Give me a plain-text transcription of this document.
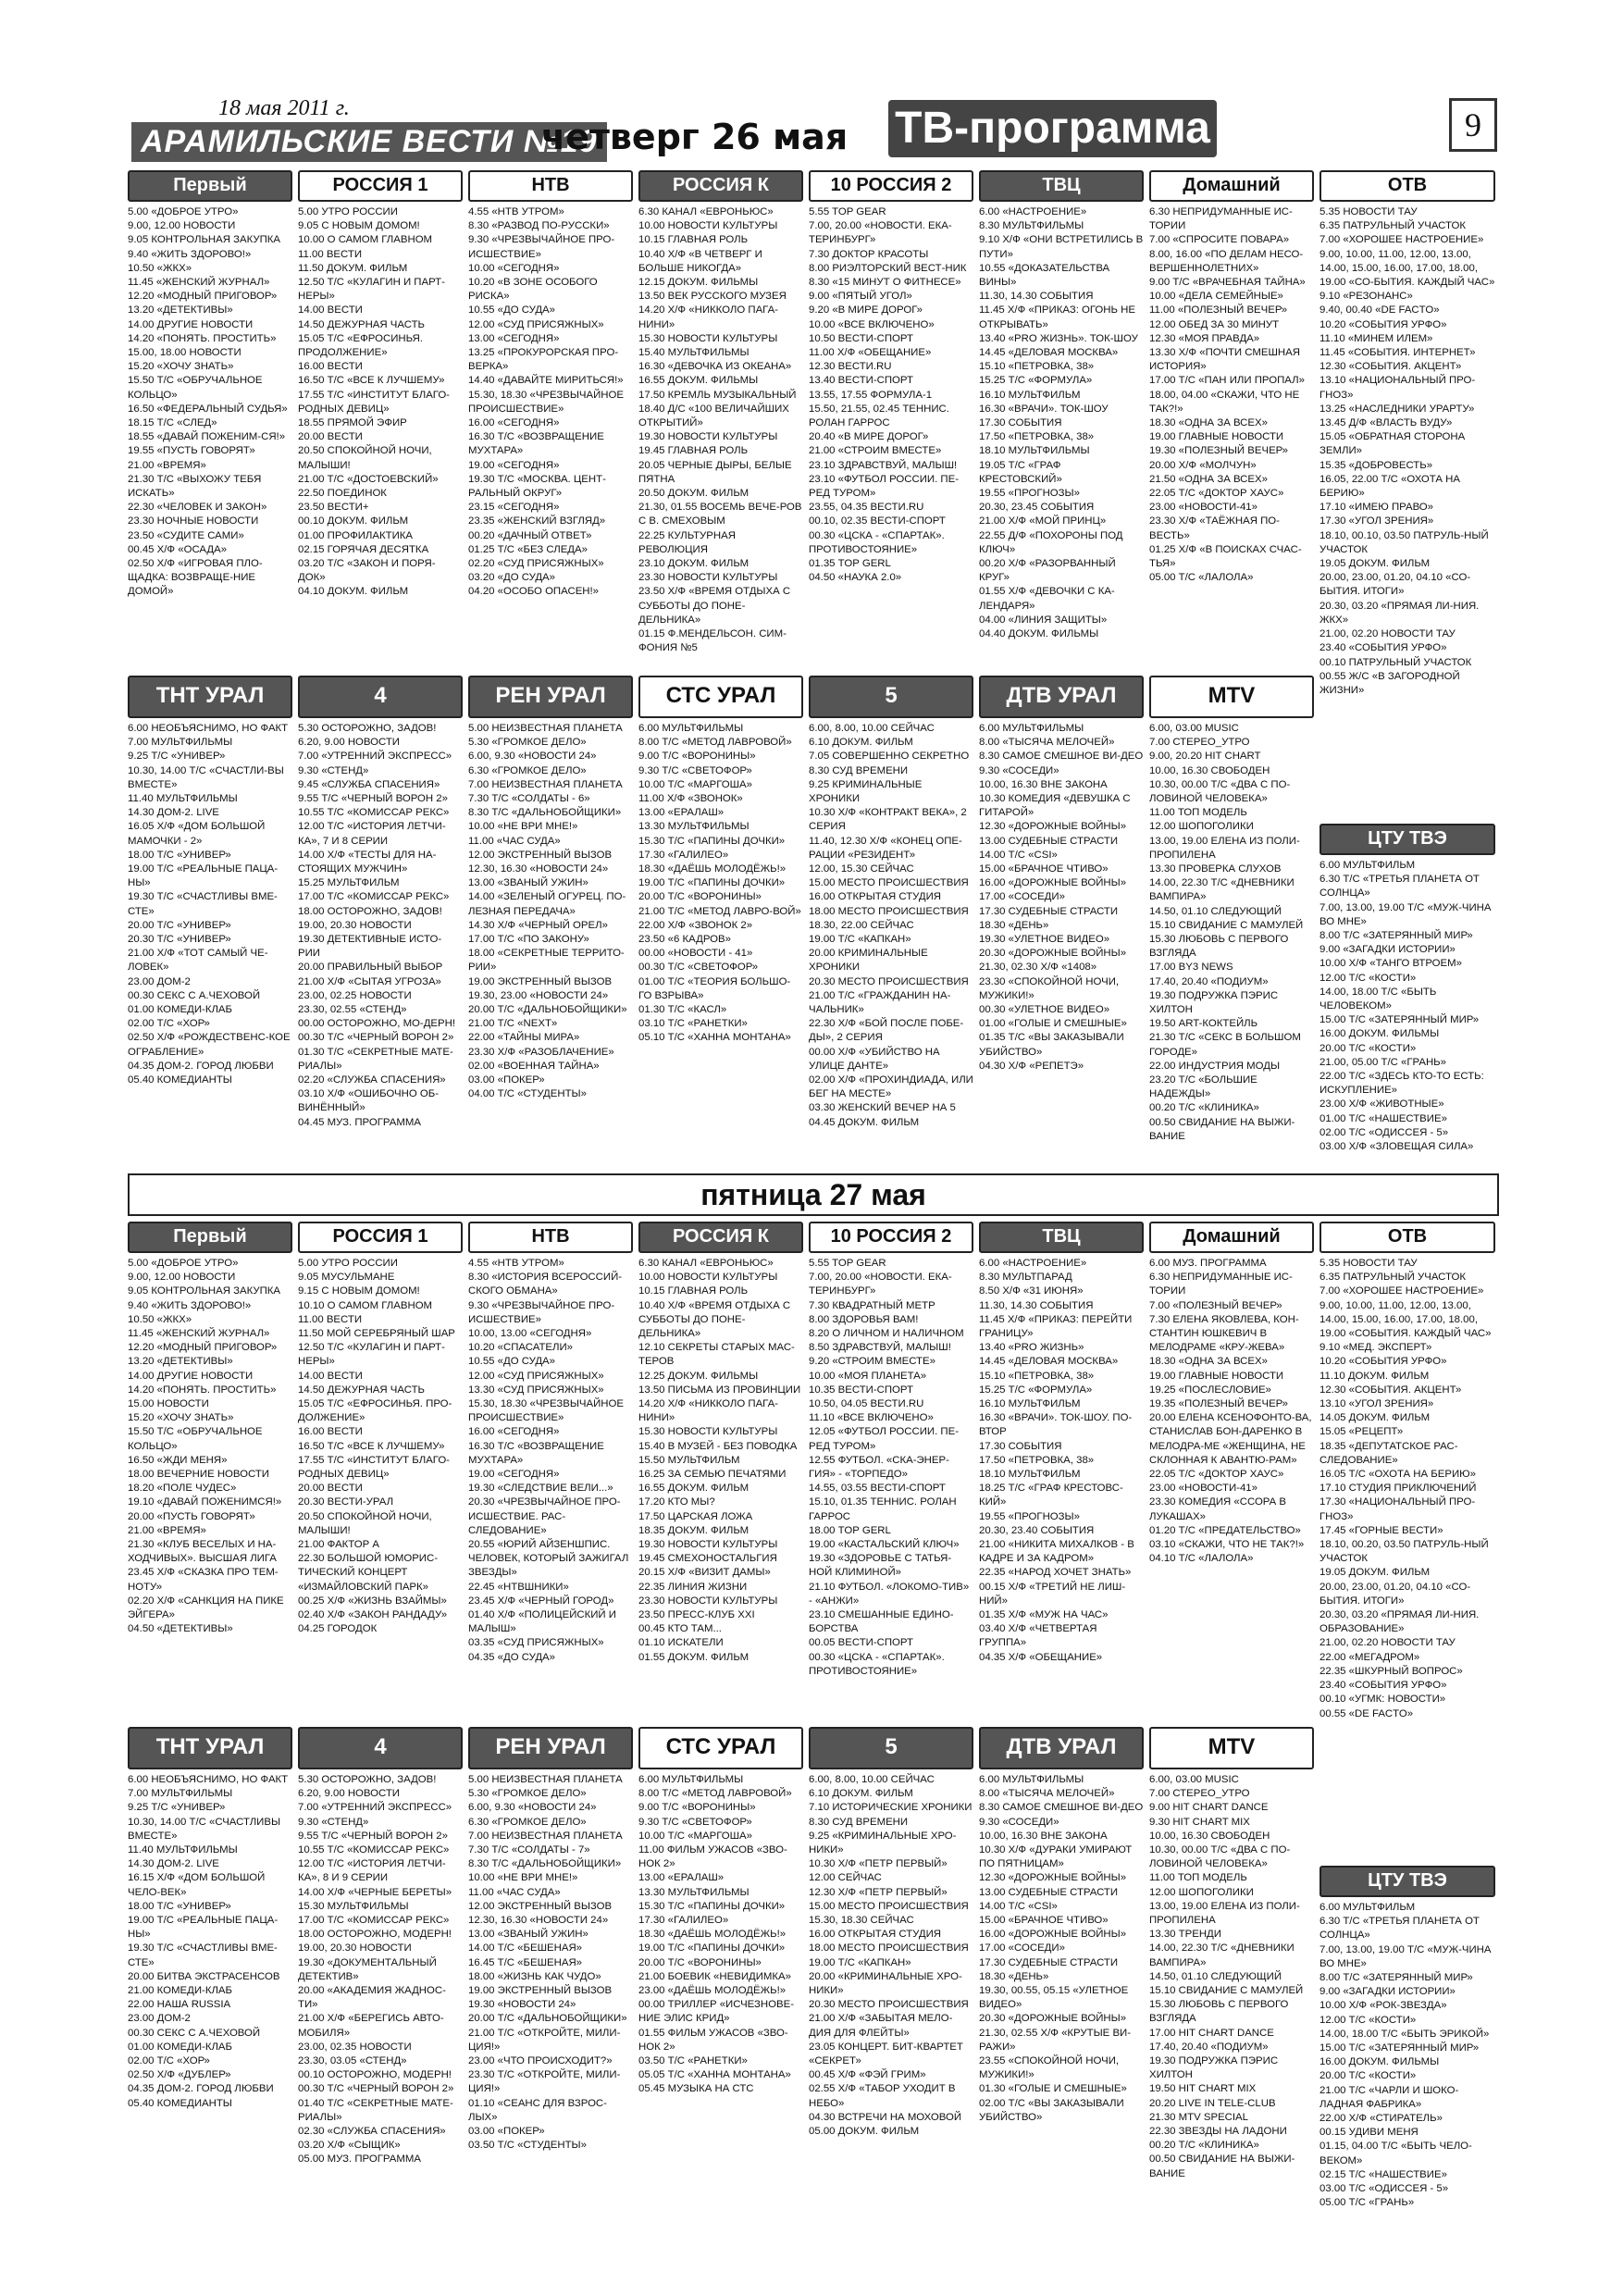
18 мая 2011 г.
АРАМИЛЬСКИЕ ВЕСТИ №19
четверг 26 мая ТВ-программа	9
пятница 27 мая
Первый
5.00 «ДОБРОЕ УТРО»
9.00, 12.00 НОВОСТИ
9.05 КОНТРОЛЬНАЯ ЗАКУПКА
9.40 «ЖИТЬ ЗДОРОВО!»
10.50 «ЖКХ»
11.45 «ЖЕНСКИЙ ЖУРНАЛ»
12.20 «МОДНЫЙ ПРИГОВОР»
13.20 «ДЕТЕКТИВЫ»
14.00 ДРУГИЕ НОВОСТИ
14.20 «ПОНЯТЬ. ПРОСТИТЬ»
15.00, 18.00 НОВОСТИ
15.20 «ХОЧУ ЗНАТЬ»
15.50 Т/С «ОБРУЧАЛЬНОЕ КОЛЬЦО»
16.50 «ФЕДЕРАЛЬНЫЙ СУДЬЯ»
18.15 Т/С «СЛЕД»
18.55 «ДАВАЙ ПОЖЕНИМ-СЯ!»
19.55 «ПУСТЬ ГОВОРЯТ»
21.00 «ВРЕМЯ»
21.30 Т/С «ВЫХОЖУ ТЕБЯ ИСКАТЬ»
22.30 «ЧЕЛОВЕК И ЗАКОН»
23.30 НОЧНЫЕ НОВОСТИ
23.50 «СУДИТЕ САМИ»
00.45 Х/Ф «ОСАДА»
02.50 Х/Ф «ИГРОВАЯ ПЛО-ЩАДКА: ВОЗВРАЩЕ-НИЕ ДОМОЙ»
РОССИЯ 1
5.00 УТРО РОССИИ
9.05 С НОВЫМ ДОМОМ!
10.00 О САМОМ ГЛАВНОМ
11.00 ВЕСТИ
11.50 ДОКУМ. ФИЛЬМ
12.50 Т/С «КУЛАГИН И ПАРТ-НЕРЫ»
14.00 ВЕСТИ
14.50 ДЕЖУРНАЯ ЧАСТЬ
15.05 Т/С «ЕФРОСИНЬЯ. ПРОДОЛЖЕНИЕ»
16.00 ВЕСТИ
16.50 Т/С «ВСЕ К ЛУЧШЕМУ»
17.55 Т/С «ИНСТИТУТ БЛАГО-РОДНЫХ ДЕВИЦ»
18.55 ПРЯМОЙ ЭФИР
20.00 ВЕСТИ
20.50 СПОКОЙНОЙ НОЧИ, МАЛЫШИ!
21.00 Т/С «ДОСТОЕВСКИЙ»
22.50 ПОЕДИНОК
23.50 ВЕСТИ+
00.10 ДОКУМ. ФИЛЬМ
01.00 ПРОФИЛАКТИКА
02.15 ГОРЯЧАЯ ДЕСЯТКА
03.20 Т/С «ЗАКОН И ПОРЯ-ДОК»
04.10 ДОКУМ. ФИЛЬМ
НТВ
4.55 «НТВ УТРОМ»
8.30 «РАЗВОД ПО-РУССКИ»
9.30 «ЧРЕЗВЫЧАЙНОЕ ПРО-ИСШЕСТВИЕ»
10.00 «СЕГОДНЯ»
10.20 «В ЗОНЕ ОСОБОГО РИСКА»
10.55 «ДО СУДА»
12.00 «СУД ПРИСЯЖНЫХ»
13.00 «СЕГОДНЯ»
13.25 «ПРОКУРОРСКАЯ ПРО-ВЕРКА»
14.40 «ДАВАЙТЕ МИРИТЬСЯ!»
15.30, 18.30 «ЧРЕЗВЫЧАЙНОЕ ПРОИСШЕСТВИЕ»
16.00 «СЕГОДНЯ»
16.30 Т/С «ВОЗВРАЩЕНИЕ МУХТАРА»
19.00 «СЕГОДНЯ»
19.30 Т/С «МОСКВА. ЦЕНТ-РАЛЬНЫЙ ОКРУГ»
23.15 «СЕГОДНЯ»
23.35 «ЖЕНСКИЙ ВЗГЛЯД»
00.20 «ДАЧНЫЙ ОТВЕТ»
01.25 Т/С «БЕЗ СЛЕДА»
02.20 «СУД ПРИСЯЖНЫХ»
03.20 «ДО СУДА»
04.20 «ОСОБО ОПАСЕН!»
РОССИЯ К
6.30 КАНАЛ «ЕВРОНЬЮС»
10.00 НОВОСТИ КУЛЬТУРЫ
10.15 ГЛАВНАЯ РОЛЬ
10.40 Х/Ф «В ЧЕТВЕРГ И БОЛЬШЕ НИКОГДА»
12.15 ДОКУМ. ФИЛЬМЫ
13.50 ВЕК РУССКОГО МУЗЕЯ
14.20 Х/Ф «НИККОЛО ПАГА-НИНИ»
15.30 НОВОСТИ КУЛЬТУРЫ
15.40 МУЛЬТФИЛЬМЫ
16.30 «ДЕВОЧКА ИЗ ОКЕАНА»
16.55 ДОКУМ. ФИЛЬМЫ
17.50 КРЕМЛЬ МУЗЫКАЛЬНЫЙ
18.40 Д/С «100 ВЕЛИЧАЙШИХ ОТКРЫТИЙ»
19.30 НОВОСТИ КУЛЬТУРЫ
19.45 ГЛАВНАЯ РОЛЬ
20.05 ЧЕРНЫЕ ДЫРЫ, БЕЛЫЕ ПЯТНА
20.50 ДОКУМ. ФИЛЬМ
21.30, 01.55 ВОСЕМЬ ВЕЧЕ-РОВ С В. СМЕХОВЫМ
22.25 КУЛЬТУРНАЯ РЕВОЛЮЦИЯ
23.10 ДОКУМ. ФИЛЬМ
23.30 НОВОСТИ КУЛЬТУРЫ
23.50 Х/Ф «ВРЕМЯ ОТДЫХА С СУББОТЫ ДО ПОНЕ-ДЕЛЬНИКА»
01.15 Ф.МЕНДЕЛЬСОН. СИМ-ФОНИЯ №5
10 РОССИЯ 2
5.55 TOP GEAR
7.00, 20.00 «НОВОСТИ. ЕКА-ТЕРИНБУРГ»
7.30 ДОКТОР КРАСОТЫ
8.00 РИЭЛТОРСКИЙ ВЕСТ-НИК
8.30 «15 МИНУТ О ФИТНЕСЕ»
9.00 «ПЯТЫЙ УГОЛ»
9.20 «В МИРЕ ДОРОГ»
10.00 «ВСЕ ВКЛЮЧЕНО»
10.50 ВЕСТИ-СПОРТ
11.00 Х/Ф «ОБЕЩАНИЕ»
12.30 ВЕСТИ.RU
13.40 ВЕСТИ-СПОРТ
13.55, 17.55 ФОРМУЛА-1
15.50, 21.55, 02.45 ТЕННИС. РОЛАН ГАРРОС
20.40 «В МИРЕ ДОРОГ»
21.00 «СТРОИМ ВМЕСТЕ»
23.10 ЗДРАВСТВУЙ, МАЛЫШ!
23.10 «ФУТБОЛ РОССИИ. ПЕ-РЕД ТУРОМ»
23.55, 04.35 ВЕСТИ.RU
00.10, 02.35 ВЕСТИ-СПОРТ
00.30 «ЦСКА - «СПАРТАК». ПРОТИВОСТОЯНИЕ»
01.35 TOP GERL
04.50 «НАУКА 2.0»
ТВЦ
6.00 «НАСТРОЕНИЕ»
8.30 МУЛЬТФИЛЬМЫ
9.10 Х/Ф «ОНИ ВСТРЕТИЛИСЬ В ПУТИ»
10.55 «ДОКАЗАТЕЛЬСТВА ВИНЫ»
11.30, 14.30 СОБЫТИЯ
11.45 Х/Ф «ПРИКАЗ: ОГОНЬ НЕ ОТКРЫВАТЬ»
13.40 «PRO ЖИЗНЬ». ТОК-ШОУ
14.45 «ДЕЛОВАЯ МОСКВА»
15.10 «ПЕТРОВКА, 38»
15.25 Т/С «ФОРМУЛА»
16.10 МУЛЬТФИЛЬМ
16.30 «ВРАЧИ». ТОК-ШОУ
17.30 СОБЫТИЯ
17.50 «ПЕТРОВКА, 38»
18.10 МУЛЬТФИЛЬМЫ
19.05 Т/С «ГРАФ КРЕСТОВСКИЙ»
19.55 «ПРОГНОЗЫ»
20.30, 23.45 СОБЫТИЯ
21.00 Х/Ф «МОЙ ПРИНЦ»
22.55 Д/Ф «ПОХОРОНЫ ПОД КЛЮЧ»
00.20 Х/Ф «РАЗОРВАННЫЙ КРУГ»
01.55 Х/Ф «ДЕВОЧКИ С КА-ЛЕНДАРЯ»
04.00 «ЛИНИЯ ЗАЩИТЫ»
04.40 ДОКУМ. ФИЛЬМЫ
Домашний
6.30 НЕПРИДУМАННЫЕ ИС-ТОРИИ
7.00 «СПРОСИТЕ ПОВАРА»
8.00, 16.00 «ПО ДЕЛАМ НЕСО-ВЕРШЕННОЛЕТНИХ»
9.00 Т/С «ВРАЧЕБНАЯ ТАЙНА»
10.00 «ДЕЛА СЕМЕЙНЫЕ»
11.00 «ПОЛЕЗНЫЙ ВЕЧЕР»
12.00 ОБЕД ЗА 30 МИНУТ
12.30 «МОЯ ПРАВДА»
13.30 Х/Ф «ПОЧТИ СМЕШНАЯ ИСТОРИЯ»
17.00 Т/С «ПАН ИЛИ ПРОПАЛ»
18.00, 04.00 «СКАЖИ, ЧТО НЕ ТАК?!»
18.30 «ОДНА ЗА ВСЕХ»
19.00 ГЛАВНЫЕ НОВОСТИ
19.30 «ПОЛЕЗНЫЙ ВЕЧЕР»
20.00 Х/Ф «МОЛЧУН»
21.50 «ОДНА ЗА ВСЕХ»
22.05 Т/С «ДОКТОР ХАУС»
23.00 «НОВОСТИ-41»
23.30 Х/Ф «ТАЁЖНАЯ ПО-ВЕСТЬ»
01.25 Х/Ф «В ПОИСКАХ СЧАС-ТЬЯ»
05.00 Т/С «ЛАЛОЛА»
ОТВ
5.35 НОВОСТИ ТАУ
6.35 ПАТРУЛЬНЫЙ УЧАСТОК
7.00 «ХОРОШЕЕ НАСТРОЕНИЕ»
9.00, 10.00, 11.00, 12.00, 13.00, 14.00, 15.00, 16.00, 17.00, 18.00, 19.00 «СО-БЫТИЯ. КАЖДЫЙ ЧАС»
9.10 «РЕЗОНАНС»
9.40, 00.40 «DE FACTO»
10.20 «СОБЫТИЯ УРФО»
11.10 «МИНЕМ ИЛЕМ»
11.45 «СОБЫТИЯ. ИНТЕРНЕТ»
12.30 «СОБЫТИЯ. АКЦЕНТ»
13.10 «НАЦИОНАЛЬНЫЙ ПРО-ГНОЗ»
13.25 «НАСЛЕДНИКИ УРАРТУ»
13.45 Д/Ф «ВЛАСТЬ ВУДУ»
15.05 «ОБРАТНАЯ СТОРОНА ЗЕМЛИ»
15.35 «ДОБРОВЕСТЬ»
16.05, 22.00 Т/С «ОХОТА НА БЕРИЮ»
17.10 «ИМЕЮ ПРАВО»
17.30 «УГОЛ ЗРЕНИЯ»
18.10, 00.10, 03.50 ПАТРУЛЬ-НЫЙ УЧАСТОК
19.05 ДОКУМ. ФИЛЬМ
20.00, 23.00, 01.20, 04.10 «СО-БЫТИЯ. ИТОГИ»
20.30, 03.20 «ПРЯМАЯ ЛИ-НИЯ. ЖКХ»
21.00, 02.20 НОВОСТИ ТАУ
23.40 «СОБЫТИЯ УРФО»
00.10 ПАТРУЛЬНЫЙ УЧАСТОК
00.55 Ж/С «В ЗАГОРОДНОЙ ЖИЗНИ»
ТНТ УРАЛ
6.00 НЕОБЪЯСНИМО, НО ФАКТ
7.00 МУЛЬТФИЛЬМЫ
9.25 Т/С «УНИВЕР»
10.30, 14.00 Т/С «СЧАСТЛИ-ВЫ ВМЕСТЕ»
11.40 МУЛЬТФИЛЬМЫ
14.30 ДОМ-2. LIVE
16.05 Х/Ф «ДОМ БОЛЬШОЙ МАМОЧКИ - 2»
18.00 Т/С «УНИВЕР»
19.00 Т/С «РЕАЛЬНЫЕ ПАЦА-НЫ»
19.30 Т/С «СЧАСТЛИВЫ ВМЕ-СТЕ»
20.00 Т/С «УНИВЕР»
20.30 Т/С «УНИВЕР»
21.00 Х/Ф «ТОТ САМЫЙ ЧЕ-ЛОВЕК»
23.00 ДОМ-2
00.30 СЕКС С А.ЧЕХОВОЙ
01.00 КОМЕДИ-КЛАБ
02.00 Т/С «ХОР»
02.50 Х/Ф «РОЖДЕСТВЕНС-КОЕ ОГРАБЛЕНИЕ»
04.35 ДОМ-2. ГОРОД ЛЮБВИ
05.40 КОМЕДИАНТЫ
4
5.30 ОСТОРОЖНО, ЗАДОВ!
6.20, 9.00 НОВОСТИ
7.00 «УТРЕННИЙ ЭКСПРЕСС»
9.30 «СТЕНД»
9.45 «СЛУЖБА СПАСЕНИЯ»
9.55 Т/С «ЧЕРНЫЙ ВОРОН 2»
10.55 Т/С «КОМИССАР РЕКС»
12.00 Т/С «ИСТОРИЯ ЛЕТЧИ-КА», 7 И 8 СЕРИИ
14.00 Х/Ф «ТЕСТЫ ДЛЯ НА-СТОЯЩИХ МУЖЧИН»
15.25 МУЛЬТФИЛЬМ
17.00 Т/С «КОМИССАР РЕКС»
18.00 ОСТОРОЖНО, ЗАДОВ!
19.00, 20.30 НОВОСТИ
19.30 ДЕТЕКТИВНЫЕ ИСТО-РИИ
20.00 ПРАВИЛЬНЫЙ ВЫБОР
21.00 Х/Ф «СЫТАЯ УГРОЗА»
23.00, 02.25 НОВОСТИ
23.30, 02.55 «СТЕНД»
00.00 ОСТОРОЖНО, МО-ДЕРН!
00.30 Т/С «ЧЕРНЫЙ ВОРОН 2»
01.30 Т/С «СЕКРЕТНЫЕ МАТЕ-РИАЛЫ»
02.20 «СЛУЖБА СПАСЕНИЯ»
03.10 Х/Ф «ОШИБОЧНО ОБ-ВИНЁННЫЙ»
04.45 МУЗ. ПРОГРАММА
РЕН УРАЛ
5.00 НЕИЗВЕСТНАЯ ПЛАНЕТА
5.30 «ГРОМКОЕ ДЕЛО»
6.00, 9.30 «НОВОСТИ 24»
6.30 «ГРОМКОЕ ДЕЛО»
7.00 НЕИЗВЕСТНАЯ ПЛАНЕТА
7.30 Т/С «СОЛДАТЫ - 6»
8.30 Т/С «ДАЛЬНОБОЙЩИКИ»
10.00 «НЕ ВРИ МНЕ!»
11.00 «ЧАС СУДА»
12.00 ЭКСТРЕННЫЙ ВЫЗОВ
12.30, 16.30 «НОВОСТИ 24»
13.00 «ЗВАНЫЙ УЖИН»
14.00 «ЗЕЛЕНЫЙ ОГУРЕЦ. ПО-ЛЕЗНАЯ ПЕРЕДАЧА»
14.30 Х/Ф «ЧЕРНЫЙ ОРЕЛ»
17.00 Т/С «ПО ЗАКОНУ»
18.00 «СЕКРЕТНЫЕ ТЕРРИТО-РИИ»
19.00 ЭКСТРЕННЫЙ ВЫЗОВ
19.30, 23.00 «НОВОСТИ 24»
20.00 Т/С «ДАЛЬНОБОЙЩИКИ»
21.00 Т/С «NEXT»
22.00 «ТАЙНЫ МИРА»
23.30 Х/Ф «РАЗОБЛАЧЕНИЕ»
02.00 «ВОЕННАЯ ТАЙНА»
03.00 «ПОКЕР»
04.00 Т/С «СТУДЕНТЫ»
СТС УРАЛ
6.00 МУЛЬТФИЛЬМЫ
8.00 Т/С «МЕТОД ЛАВРОВОЙ»
9.00 Т/С «ВОРОНИНЫ»
9.30 Т/С «СВЕТОФОР»
10.00 Т/С «МАРГОША»
11.00 Х/Ф «ЗВОНОК»
13.00 «ЕРАЛАШ»
13.30 МУЛЬТФИЛЬМЫ
15.30 Т/С «ПАПИНЫ ДОЧКИ»
17.30 «ГАЛИЛЕО»
18.30 «ДАЁШЬ МОЛОДЁЖЬ!»
19.00 Т/С «ПАПИНЫ ДОЧКИ»
20.00 Т/С «ВОРОНИНЫ»
21.00 Т/С «МЕТОД ЛАВРО-ВОЙ»
22.00 Х/Ф «ЗВОНОК 2»
23.50 «6 КАДРОВ»
00.00 «НОВОСТИ - 41»
00.30 Т/С «СВЕТОФОР»
01.00 Т/С «ТЕОРИЯ БОЛЬШО-ГО ВЗРЫВА»
01.30 Т/С «КАСЛ»
03.10 Т/С «РАНЕТКИ»
05.10 Т/С «ХАННА МОНТАНА»
5
6.00, 8.00, 10.00 СЕЙЧАС
6.10 ДОКУМ. ФИЛЬМ
7.05 СОВЕРШЕННО СЕКРЕТНО
8.30 СУД ВРЕМЕНИ
9.25 КРИМИНАЛЬНЫЕ ХРОНИКИ
10.30 Х/Ф «КОНТРАКТ ВЕКА», 2 СЕРИЯ
11.40, 12.30 Х/Ф «КОНЕЦ ОПЕ-РАЦИИ «РЕЗИДЕНТ»
12.00, 15.30 СЕЙЧАС
15.00 МЕСТО ПРОИСШЕСТВИЯ
16.00 ОТКРЫТАЯ СТУДИЯ
18.00 МЕСТО ПРОИСШЕСТВИЯ
18.30, 22.00 СЕЙЧАС
19.00 Т/С «КАПКАН»
20.00 КРИМИНАЛЬНЫЕ ХРОНИКИ
20.30 МЕСТО ПРОИСШЕСТВИЯ
21.00 Т/С «ГРАЖДАНИН НА-ЧАЛЬНИК»
22.30 Х/Ф «БОЙ ПОСЛЕ ПОБЕ-ДЫ», 2 СЕРИЯ
00.00 Х/Ф «УБИЙСТВО НА УЛИЦЕ ДАНТЕ»
02.00 Х/Ф «ПРОХИНДИАДА, ИЛИ БЕГ НА МЕСТЕ»
03.30 ЖЕНСКИЙ ВЕЧЕР НА 5
04.45 ДОКУМ. ФИЛЬМ
ДТВ УРАЛ
6.00 МУЛЬТФИЛЬМЫ
8.00 «ТЫСЯЧА МЕЛОЧЕЙ»
8.30 САМОЕ СМЕШНОЕ ВИ-ДЕО
9.30 «СОСЕДИ»
10.00, 16.30 ВНЕ ЗАКОНА
10.30 КОМЕДИЯ «ДЕВУШКА С ГИТАРОЙ»
12.30 «ДОРОЖНЫЕ ВОЙНЫ»
13.00 СУДЕБНЫЕ СТРАСТИ
14.00 Т/С «CSI»
15.00 «БРАЧНОЕ ЧТИВО»
16.00 «ДОРОЖНЫЕ ВОЙНЫ»
17.00 «СОСЕДИ»
17.30 СУДЕБНЫЕ СТРАСТИ
18.30 «ДЕНЬ»
19.30 «УЛЕТНОЕ ВИДЕО»
20.30 «ДОРОЖНЫЕ ВОЙНЫ»
21.30, 02.30 Х/Ф «1408»
23.30 «СПОКОЙНОЙ НОЧИ, МУЖИКИ!»
00.30 «УЛЕТНОЕ ВИДЕО»
01.00 «ГОЛЫЕ И СМЕШНЫЕ»
01.35 Т/С «ВЫ ЗАКАЗЫВАЛИ УБИЙСТВО»
04.30 Х/Ф «РЕПЕТЭ»
MTV
6.00, 03.00 MUSIC
7.00 СТЕРЕО_УТРО
9.00, 20.20 HIT CHART
10.00, 16.30 СВОБОДЕН
10.30, 00.00 Т/С «ДВА С ПО-ЛОВИНОЙ ЧЕЛОВЕКА»
11.00 ТОП МОДЕЛЬ
12.00 ШОПОГОЛИКИ
13.00, 19.00 ЕЛЕНА ИЗ ПОЛИ-ПРОПИЛЕНА
13.30 ПРОВЕРКА СЛУХОВ
14.00, 22.30 Т/С «ДНЕВНИКИ ВАМПИРА»
14.50, 01.10 СЛЕДУЮЩИЙ
15.10 СВИДАНИЕ С МАМУЛЕЙ
15.30 ЛЮБОВЬ С ПЕРВОГО ВЗГЛЯДА
17.00 BY3 NEWS
17.40, 20.40 «ПОДИУМ»
19.30 ПОДРУЖКА ПЭРИС ХИЛТОН
19.50 ART-КОКТЕЙЛЬ
21.30 Т/С «СЕКС В БОЛЬШОМ ГОРОДЕ»
22.00 ИНДУСТРИЯ МОДЫ
23.20 Т/С «БОЛЬШИЕ НАДЕЖДЫ»
00.20 Т/С «КЛИНИКА»
00.50 СВИДАНИЕ НА ВЫЖИ-ВАНИЕ
ЦТУ ТВЭ
6.00 МУЛЬТФИЛЬМ
6.30 Т/С «ТРЕТЬЯ ПЛАНЕТА ОТ СОЛНЦА»
7.00, 13.00, 19.00 Т/С «МУЖ-ЧИНА ВО МНЕ»
8.00 Т/С «ЗАТЕРЯННЫЙ МИР»
9.00 «ЗАГАДКИ ИСТОРИИ»
10.00 Х/Ф «ТАНГО ВТРОЕМ»
12.00 Т/С «КОСТИ»
14.00, 18.00 Т/С «БЫТЬ ЧЕЛОВЕКОМ»
15.00 Т/С «ЗАТЕРЯННЫЙ МИР»
16.00 ДОКУМ. ФИЛЬМЫ
20.00 Т/С «КОСТИ»
21.00, 05.00 Т/С «ГРАНЬ»
22.00 Т/С «ЗДЕСЬ КТО-ТО ЕСТЬ: ИСКУПЛЕНИЕ»
23.00 Х/Ф «ЖИВОТНЫЕ»
01.00 Т/С «НАШЕСТВИЕ»
02.00 Т/С «ОДИССЕЯ - 5»
03.00 Х/Ф «ЗЛОВЕЩАЯ СИЛА»
Первый
5.00 «ДОБРОЕ УТРО»
9.00, 12.00 НОВОСТИ
9.05 КОНТРОЛЬНАЯ ЗАКУПКА
9.40 «ЖИТЬ ЗДОРОВО!»
10.50 «ЖКХ»
11.45 «ЖЕНСКИЙ ЖУРНАЛ»
12.20 «МОДНЫЙ ПРИГОВОР»
13.20 «ДЕТЕКТИВЫ»
14.00 ДРУГИЕ НОВОСТИ
14.20 «ПОНЯТЬ. ПРОСТИТЬ»
15.00 НОВОСТИ
15.20 «ХОЧУ ЗНАТЬ»
15.50 Т/С «ОБРУЧАЛЬНОЕ КОЛЬЦО»
16.50 «ЖДИ МЕНЯ»
18.00 ВЕЧЕРНИЕ НОВОСТИ
18.20 «ПОЛЕ ЧУДЕС»
19.10 «ДАВАЙ ПОЖЕНИМСЯ!»
20.00 «ПУСТЬ ГОВОРЯТ»
21.00 «ВРЕМЯ»
21.30 «КЛУБ ВЕСЕЛЫХ И НА-ХОДЧИВЫХ». ВЫСШАЯ ЛИГА
23.45 Х/Ф «СКАЗКА ПРО ТЕМ-НОТУ»
02.20 Х/Ф «САНКЦИЯ НА ПИКЕ ЭЙГЕРА»
04.50 «ДЕТЕКТИВЫ»
РОССИЯ 1
5.00 УТРО РОССИИ
9.05 МУСУЛЬМАНЕ
9.15 С НОВЫМ ДОМОМ!
10.10 О САМОМ ГЛАВНОМ
11.00 ВЕСТИ
11.50 МОЙ СЕРЕБРЯНЫЙ ШАР
12.50 Т/С «КУЛАГИН И ПАРТ-НЕРЫ»
14.00 ВЕСТИ
14.50 ДЕЖУРНАЯ ЧАСТЬ
15.05 Т/С «ЕФРОСИНЬЯ. ПРО-ДОЛЖЕНИЕ»
16.00 ВЕСТИ
16.50 Т/С «ВСЕ К ЛУЧШЕМУ»
17.55 Т/С «ИНСТИТУТ БЛАГО-РОДНЫХ ДЕВИЦ»
20.00 ВЕСТИ
20.30 ВЕСТИ-УРАЛ
20.50 СПОКОЙНОЙ НОЧИ, МАЛЫШИ!
21.00 ФАКТОР А
22.30 БОЛЬШОЙ ЮМОРИС-ТИЧЕСКИЙ КОНЦЕРТ «ИЗМАЙЛОВСКИЙ ПАРК»
00.25 Х/Ф «ЖИЗНЬ ВЗАЙМЫ»
02.40 Х/Ф «ЗАКОН РАНДАДУ»
04.25 ГОРОДОК
НТВ
4.55 «НТВ УТРОМ»
8.30 «ИСТОРИЯ ВСЕРОССИЙ-СКОГО ОБМАНА»
9.30 «ЧРЕЗВЫЧАЙНОЕ ПРО-ИСШЕСТВИЕ»
10.00, 13.00 «СЕГОДНЯ»
10.20 «СПАСАТЕЛИ»
10.55 «ДО СУДА»
12.00 «СУД ПРИСЯЖНЫХ»
13.30 «СУД ПРИСЯЖНЫХ»
15.30, 18.30 «ЧРЕЗВЫЧАЙНОЕ ПРОИСШЕСТВИЕ»
16.00 «СЕГОДНЯ»
16.30 Т/С «ВОЗВРАЩЕНИЕ МУХТАРА»
19.00 «СЕГОДНЯ»
19.30 «СЛЕДСТВИЕ ВЕЛИ...»
20.30 «ЧРЕЗВЫЧАЙНОЕ ПРО-ИСШЕСТВИЕ. РАС-СЛЕДОВАНИЕ»
20.55 «ЮРИЙ АЙЗЕНШПИС. ЧЕЛОВЕК, КОТОРЫЙ ЗАЖИГАЛ ЗВЕЗДЫ»
22.45 «НТВШНИКИ»
23.45 Х/Ф «ЧЕРНЫЙ ГОРОД»
01.40 Х/Ф «ПОЛИЦЕЙСКИЙ И МАЛЫШ»
03.35 «СУД ПРИСЯЖНЫХ»
04.35 «ДО СУДА»
РОССИЯ К
6.30 КАНАЛ «ЕВРОНЬЮС»
10.00 НОВОСТИ КУЛЬТУРЫ
10.15 ГЛАВНАЯ РОЛЬ
10.40 Х/Ф «ВРЕМЯ ОТДЫХА С СУББОТЫ ДО ПОНЕ-ДЕЛЬНИКА»
12.10 СЕКРЕТЫ СТАРЫХ МАС-ТЕРОВ
12.25 ДОКУМ. ФИЛЬМЫ
13.50 ПИСЬМА ИЗ ПРОВИНЦИИ
14.20 Х/Ф «НИККОЛО ПАГА-НИНИ»
15.30 НОВОСТИ КУЛЬТУРЫ
15.40 В МУЗЕЙ - БЕЗ ПОВОДКА
15.50 МУЛЬТФИЛЬМ
16.25 ЗА СЕМЬЮ ПЕЧАТЯМИ
16.55 ДОКУМ. ФИЛЬМ
17.20 КТО МЫ?
17.50 ЦАРСКАЯ ЛОЖА
18.35 ДОКУМ. ФИЛЬМ
19.30 НОВОСТИ КУЛЬТУРЫ
19.45 СМЕХОНОСТАЛЬГИЯ
20.15 Х/Ф «ВИЗИТ ДАМЫ»
22.35 ЛИНИЯ ЖИЗНИ
23.30 НОВОСТИ КУЛЬТУРЫ
23.50 ПРЕСС-КЛУБ XXI
00.45 КТО ТАМ...
01.10 ИСКАТЕЛИ
01.55 ДОКУМ. ФИЛЬМ
10 РОССИЯ 2
5.55 TOP GEAR
7.00, 20.00 «НОВОСТИ. ЕКА-ТЕРИНБУРГ»
7.30 КВАДРАТНЫЙ МЕТР
8.00 ЗДОРОВЬЯ ВАМ!
8.20 О ЛИЧНОМ И НАЛИЧНОМ
8.50 ЗДРАВСТВУЙ, МАЛЫШ!
9.20 «СТРОИМ ВМЕСТЕ»
10.00 «МОЯ ПЛАНЕТА»
10.35 ВЕСТИ-СПОРТ
10.50, 04.05 ВЕСТИ.RU
11.10 «ВСЕ ВКЛЮЧЕНО»
12.05 «ФУТБОЛ РОССИИ. ПЕ-РЕД ТУРОМ»
12.55 ФУТБОЛ. «СКА-ЭНЕР-ГИЯ» - «ТОРПЕДО»
14.55, 03.55 ВЕСТИ-СПОРТ
15.10, 01.35 ТЕННИС. РОЛАН ГАРРОС
18.00 TOP GERL
19.00 «КАСТАЛЬСКИЙ КЛЮЧ»
19.30 «ЗДОРОВЬЕ С ТАТЬЯ-НОЙ КЛИМИНОЙ»
21.10 ФУТБОЛ. «ЛОКОМО-ТИВ» - «АНЖИ»
23.10 СМЕШАННЫЕ ЕДИНО-БОРСТВА
00.05 ВЕСТИ-СПОРТ
00.30 «ЦСКА - «СПАРТАК». ПРОТИВОСТОЯНИЕ»
ТВЦ
6.00 «НАСТРОЕНИЕ»
8.30 МУЛЬТПАРАД
8.50 Х/Ф «31 ИЮНЯ»
11.30, 14.30 СОБЫТИЯ
11.45 Х/Ф «ПРИКАЗ: ПЕРЕЙТИ ГРАНИЦУ»
13.40 «PRO ЖИЗНЬ»
14.45 «ДЕЛОВАЯ МОСКВА»
15.10 «ПЕТРОВКА, 38»
15.25 Т/С «ФОРМУЛА»
16.10 МУЛЬТФИЛЬМ
16.30 «ВРАЧИ». ТОК-ШОУ. ПО-ВТОР
17.30 СОБЫТИЯ
17.50 «ПЕТРОВКА, 38»
18.10 МУЛЬТФИЛЬМ
18.25 Т/С «ГРАФ КРЕСТОВС-КИЙ»
19.55 «ПРОГНОЗЫ»
20.30, 23.40 СОБЫТИЯ
21.00 «НИКИТА МИХАЛКОВ - В КАДРЕ И ЗА КАДРОМ»
22.35 «НАРОД ХОЧЕТ ЗНАТЬ»
00.15 Х/Ф «ТРЕТИЙ НЕ ЛИШ-НИЙ»
01.35 Х/Ф «МУЖ НА ЧАС»
03.40 Х/Ф «ЧЕТВЕРТАЯ ГРУППА»
04.35 Х/Ф «ОБЕЩАНИЕ»
Домашний
6.00 МУЗ. ПРОГРАММА
6.30 НЕПРИДУМАННЫЕ ИС-ТОРИИ
7.00 «ПОЛЕЗНЫЙ ВЕЧЕР»
7.30 ЕЛЕНА ЯКОВЛЕВА, КОН-СТАНТИН ЮШКЕВИЧ В МЕЛОДРАМЕ «КРУ-ЖЕВА»
18.30 «ОДНА ЗА ВСЕХ»
19.00 ГЛАВНЫЕ НОВОСТИ
19.25 «ПОСЛЕСЛОВИЕ»
19.35 «ПОЛЕЗНЫЙ ВЕЧЕР»
20.00 ЕЛЕНА КСЕНОФОНТО-ВА, СТАНИСЛАВ БОН-ДАРЕНКО В МЕЛОДРА-МЕ «ЖЕНЩИНА, НЕ СКЛОННАЯ К АВАНТЮ-РАМ»
22.05 Т/С «ДОКТОР ХАУС»
23.00 «НОВОСТИ-41»
23.30 КОМЕДИЯ «ССОРА В ЛУКАШАХ»
01.20 Т/С «ПРЕДАТЕЛЬСТВО»
03.10 «СКАЖИ, ЧТО НЕ ТАК?!»
04.10 Т/С «ЛАЛОЛА»
ОТВ
5.35 НОВОСТИ ТАУ
6.35 ПАТРУЛЬНЫЙ УЧАСТОК
7.00 «ХОРОШЕЕ НАСТРОЕНИЕ»
9.00, 10.00, 11.00, 12.00, 13.00, 14.00, 15.00, 16.00, 17.00, 18.00, 19.00 «СОБЫТИЯ. КАЖДЫЙ ЧАС»
9.10 «МЕД. ЭКСПЕРТ»
10.20 «СОБЫТИЯ УРФО»
11.10 ДОКУМ. ФИЛЬМ
12.30 «СОБЫТИЯ. АКЦЕНТ»
13.10 «УГОЛ ЗРЕНИЯ»
14.05 ДОКУМ. ФИЛЬМ
15.05 «РЕЦЕПТ»
18.35 «ДЕПУТАТСКОЕ РАС-СЛЕДОВАНИЕ»
16.05 Т/С «ОХОТА НА БЕРИЮ»
17.10 СТУДИЯ ПРИКЛЮЧЕНИЙ
17.30 «НАЦИОНАЛЬНЫЙ ПРО-ГНОЗ»
17.45 «ГОРНЫЕ ВЕСТИ»
18.10, 00.20, 03.50 ПАТРУЛЬ-НЫЙ УЧАСТОК
19.05 ДОКУМ. ФИЛЬМ
20.00, 23.00, 01.20, 04.10 «СО-БЫТИЯ. ИТОГИ»
20.30, 03.20 «ПРЯМАЯ ЛИ-НИЯ. ОБРАЗОВАНИЕ»
21.00, 02.20 НОВОСТИ ТАУ
22.00 «МЕГАДРОМ»
22.35 «ШКУРНЫЙ ВОПРОС»
23.40 «СОБЫТИЯ УРФО»
00.10 «УГМК: НОВОСТИ»
00.55 «DE FACTO»
ТНТ УРАЛ
6.00 НЕОБЪЯСНИМО, НО ФАКТ
7.00 МУЛЬТФИЛЬМЫ
9.25 Т/С «УНИВЕР»
10.30, 14.00 Т/С «СЧАСТЛИВЫ ВМЕСТЕ»
11.40 МУЛЬТФИЛЬМЫ
14.30 ДОМ-2. LIVE
16.15 Х/Ф «ДОМ БОЛЬШОЙ ЧЕЛО-ВЕК»
18.00 Т/С «УНИВЕР»
19.00 Т/С «РЕАЛЬНЫЕ ПАЦА-НЫ»
19.30 Т/С «СЧАСТЛИВЫ ВМЕ-СТЕ»
20.00 БИТВА ЭКСТРАСЕНСОВ
21.00 КОМЕДИ-КЛАБ
22.00 НАША RUSSIA
23.00 ДОМ-2
00.30 СЕКС С А.ЧЕХОВОЙ
01.00 КОМЕДИ-КЛАБ
02.00 Т/С «ХОР»
02.50 Х/Ф «ДУБЛЕР»
04.35 ДОМ-2. ГОРОД ЛЮБВИ
05.40 КОМЕДИАНТЫ
4
5.30 ОСТОРОЖНО, ЗАДОВ!
6.20, 9.00 НОВОСТИ
7.00 «УТРЕННИЙ ЭКСПРЕСС»
9.30 «СТЕНД»
9.55 Т/С «ЧЕРНЫЙ ВОРОН 2»
10.55 Т/С «КОМИССАР РЕКС»
12.00 Т/С «ИСТОРИЯ ЛЕТЧИ-КА», 8 И 9 СЕРИИ
14.00 Х/Ф «ЧЕРНЫЕ БЕРЕТЫ»
15.30 МУЛЬТФИЛЬМЫ
17.00 Т/С «КОМИССАР РЕКС»
18.00 ОСТОРОЖНО, МОДЕРН!
19.00, 20.30 НОВОСТИ
19.30 «ДОКУМЕНТАЛЬНЫЙ ДЕТЕКТИВ»
20.00 «АКАДЕМИЯ ЖАДНОС-ТИ»
21.00 Х/Ф «БЕРЕГИСЬ АВТО-МОБИЛЯ»
23.00, 02.35 НОВОСТИ
23.30, 03.05 «СТЕНД»
00.10 ОСТОРОЖНО, МОДЕРН!
00.30 Т/С «ЧЕРНЫЙ ВОРОН 2»
01.40 Т/С «СЕКРЕТНЫЕ МАТЕ-РИАЛЫ»
02.30 «СЛУЖБА СПАСЕНИЯ»
03.20 Х/Ф «СЫЩИК»
05.00 МУЗ. ПРОГРАММА
РЕН УРАЛ
5.00 НЕИЗВЕСТНАЯ ПЛАНЕТА
5.30 «ГРОМКОЕ ДЕЛО»
6.00, 9.30 «НОВОСТИ 24»
6.30 «ГРОМКОЕ ДЕЛО»
7.00 НЕИЗВЕСТНАЯ ПЛАНЕТА
7.30 Т/С «СОЛДАТЫ - 7»
8.30 Т/С «ДАЛЬНОБОЙЩИКИ»
10.00 «НЕ ВРИ МНЕ!»
11.00 «ЧАС СУДА»
12.00 ЭКСТРЕННЫЙ ВЫЗОВ
12.30, 16.30 «НОВОСТИ 24»
13.00 «ЗВАНЫЙ УЖИН»
14.00 Т/С «БЕШЕНАЯ»
16.45 Т/С «БЕШЕНАЯ»
18.00 «ЖИЗНЬ КАК ЧУДО»
19.00 ЭКСТРЕННЫЙ ВЫЗОВ
19.30 «НОВОСТИ 24»
20.00 Т/С «ДАЛЬНОБОЙЩИКИ»
21.00 Т/С «ОТКРОЙТЕ, МИЛИ-ЦИЯ!»
23.00 «ЧТО ПРОИСХОДИТ?»
23.30 Т/С «ОТКРОЙТЕ, МИЛИ-ЦИЯ!»
01.10 «СЕАНС ДЛЯ ВЗРОС-ЛЫХ»
03.00 «ПОКЕР»
03.50 Т/С «СТУДЕНТЫ»
СТС УРАЛ
6.00 МУЛЬТФИЛЬМЫ
8.00 Т/С «МЕТОД ЛАВРОВОЙ»
9.00 Т/С «ВОРОНИНЫ»
9.30 Т/С «СВЕТОФОР»
10.00 Т/С «МАРГОША»
11.00 ФИЛЬМ УЖАСОВ «ЗВО-НОК 2»
13.00 «ЕРАЛАШ»
13.30 МУЛЬТФИЛЬМЫ
15.30 Т/С «ПАПИНЫ ДОЧКИ»
17.30 «ГАЛИЛЕО»
18.30 «ДАЁШЬ МОЛОДЁЖЬ!»
19.00 Т/С «ПАПИНЫ ДОЧКИ»
20.00 Т/С «ВОРОНИНЫ»
21.00 БОЕВИК «НЕВИДИМКА»
23.00 «ДАЁШЬ МОЛОДЁЖЬ!»
00.00 ТРИЛЛЕР «ИСЧЕЗНОВЕ-НИЕ ЭЛИС КРИД»
01.55 ФИЛЬМ УЖАСОВ «ЗВО-НОК 2»
03.50 Т/С «РАНЕТКИ»
05.05 Т/С «ХАННА МОНТАНА»
05.45 МУЗЫКА НА СТС
5
6.00, 8.00, 10.00 СЕЙЧАС
6.10 ДОКУМ. ФИЛЬМ
7.10 ИСТОРИЧЕСКИЕ ХРОНИКИ
8.30 СУД ВРЕМЕНИ
9.25 «КРИМИНАЛЬНЫЕ ХРО-НИКИ»
10.30 Х/Ф «ПЕТР ПЕРВЫЙ»
12.00 СЕЙЧАС
12.30 Х/Ф «ПЕТР ПЕРВЫЙ»
15.00 МЕСТО ПРОИСШЕСТВИЯ
15.30, 18.30 СЕЙЧАС
16.00 ОТКРЫТАЯ СТУДИЯ
18.00 МЕСТО ПРОИСШЕСТВИЯ
19.00 Т/С «КАПКАН»
20.00 «КРИМИНАЛЬНЫЕ ХРО-НИКИ»
20.30 МЕСТО ПРОИСШЕСТВИЯ
21.00 Х/Ф «ЗАБЫТАЯ МЕЛО-ДИЯ ДЛЯ ФЛЕЙТЫ»
23.05 КОНЦЕРТ. БИТ-КВАРТЕТ «СЕКРЕТ»
00.45 Х/Ф «ФЭЙ ГРИМ»
02.55 Х/Ф «ТАБОР УХОДИТ В НЕБО»
04.30 ВСТРЕЧИ НА МОХОВОЙ
05.00 ДОКУМ. ФИЛЬМ
ДТВ УРАЛ
6.00 МУЛЬТФИЛЬМЫ
8.00 «ТЫСЯЧА МЕЛОЧЕЙ»
8.30 САМОЕ СМЕШНОЕ ВИ-ДЕО
9.30 «СОСЕДИ»
10.00, 16.30 ВНЕ ЗАКОНА
10.30 Х/Ф «ДУРАКИ УМИРАЮТ ПО ПЯТНИЦАМ»
12.30 «ДОРОЖНЫЕ ВОЙНЫ»
13.00 СУДЕБНЫЕ СТРАСТИ
14.00 Т/С «CSI»
15.00 «БРАЧНОЕ ЧТИВО»
16.00 «ДОРОЖНЫЕ ВОЙНЫ»
17.00 «СОСЕДИ»
17.30 СУДЕБНЫЕ СТРАСТИ
18.30 «ДЕНЬ»
19.30, 00.55, 05.15 «УЛЕТНОЕ ВИДЕО»
20.30 «ДОРОЖНЫЕ ВОЙНЫ»
21.30, 02.55 Х/Ф «КРУТЫЕ ВИ-РАЖИ»
23.55 «СПОКОЙНОЙ НОЧИ, МУЖИКИ!»
01.30 «ГОЛЫЕ И СМЕШНЫЕ»
02.00 Т/С «ВЫ ЗАКАЗЫВАЛИ УБИЙСТВО»
MTV
6.00, 03.00 MUSIC
7.00 СТЕРЕО_УТРО
9.00 HIT CHART DANCE
9.30 HIT CHART MIX
10.00, 16.30 СВОБОДЕН
10.30, 00.00 Т/С «ДВА С ПО-ЛОВИНОЙ ЧЕЛОВЕКА»
11.00 ТОП МОДЕЛЬ
12.00 ШОПОГОЛИКИ
13.00, 19.00 ЕЛЕНА ИЗ ПОЛИ-ПРОПИЛЕНА
13.30 ТРЕНДИ
14.00, 22.30 Т/С «ДНЕВНИКИ ВАМПИРА»
14.50, 01.10 СЛЕДУЮЩИЙ
15.10 СВИДАНИЕ С МАМУЛЕЙ
15.30 ЛЮБОВЬ С ПЕРВОГО ВЗГЛЯДА
17.00 HIT CHART DANCE
17.40, 20.40 «ПОДИУМ»
19.30 ПОДРУЖКА ПЭРИС ХИЛТОН
19.50 HIT CHART MIX
20.20 LIVE IN TELE-CLUB
21.30 MTV SPECIAL
22.30 ЗВЕЗДЫ НА ЛАДОНИ
00.20 Т/С «КЛИНИКА»
00.50 СВИДАНИЕ НА ВЫЖИ-ВАНИЕ
ЦТУ ТВЭ
6.00 МУЛЬТФИЛЬМ
6.30 Т/С «ТРЕТЬЯ ПЛАНЕТА ОТ СОЛНЦА»
7.00, 13.00, 19.00 Т/С «МУЖ-ЧИНА ВО МНЕ»
8.00 Т/С «ЗАТЕРЯННЫЙ МИР»
9.00 «ЗАГАДКИ ИСТОРИИ»
10.00 Х/Ф «РОК-ЗВЕЗДА»
12.00 Т/С «КОСТИ»
14.00, 18.00 Т/С «БЫТЬ ЭРИКОЙ»
15.00 Т/С «ЗАТЕРЯННЫЙ МИР»
16.00 ДОКУМ. ФИЛЬМЫ
20.00 Т/С «КОСТИ»
21.00 Т/С «ЧАРЛИ И ШОКО-ЛАДНАЯ ФАБРИКА»
22.00 Х/Ф «СТИРАТЕЛЬ»
00.15 УДИВИ МЕНЯ
01.15, 04.00 Т/С «БЫТЬ ЧЕЛО-ВЕКОМ»
02.15 Т/С «НАШЕСТВИЕ»
03.00 Т/С «ОДИССЕЯ - 5»
05.00 Т/С «ГРАНЬ»
